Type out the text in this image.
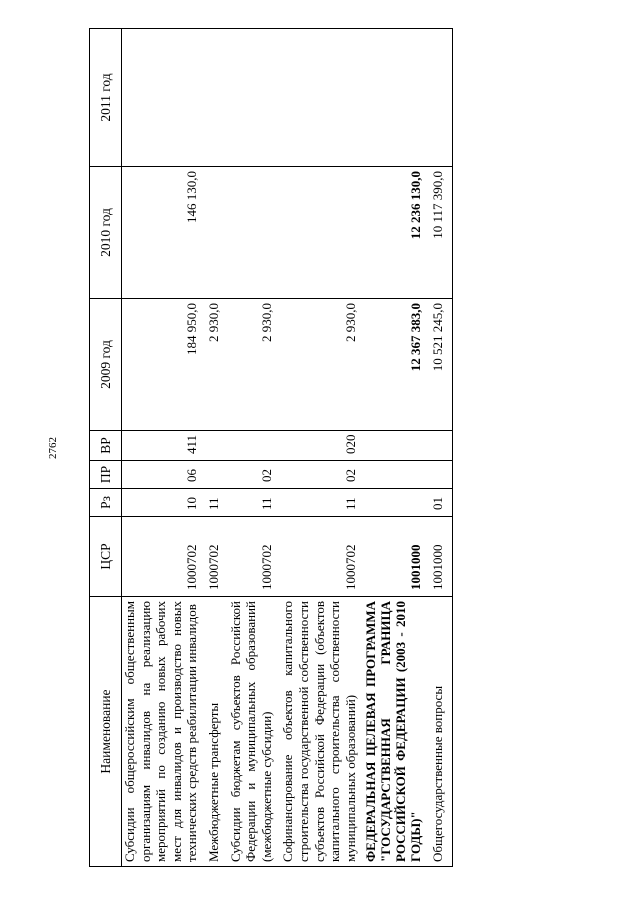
2762
Наименование	ЦСР	Рз	ПР	ВР	2009 год	2010 год	2011 год
Субсидии общероссийским общественным организациям инвалидов на реализацию мероприятий по созданию новых рабочих мест для инвалидов и производство новых технических средств реабилитации инвалидов	1000702	10	06	411	184 950,0	146 130,0	
Межбюджетные трансферты	1000702	11			2 930,0		
Субсидии бюджетам субъектов Российской Федерации и муниципальных образований (межбюджетные субсидии)	1000702	11	02		2 930,0		
Софинансирование объектов капитального строительства государственной собственности субъектов Российской Федерации (объектов капитального строительства собственности муниципальных образований)	1000702	11	02	020	2 930,0		
ФЕДЕРАЛЬНАЯ ЦЕЛЕВАЯ ПРОГРАММА "ГОСУДАРСТВЕННАЯ ГРАНИЦА РОССИЙСКОЙ ФЕДЕРАЦИИ (2003 - 2010 ГОДЫ)"	1001000				12 367 383,0	12 236 130,0	
Общегосударственные вопросы	1001000	01			10 521 245,0	10 117 390,0	
